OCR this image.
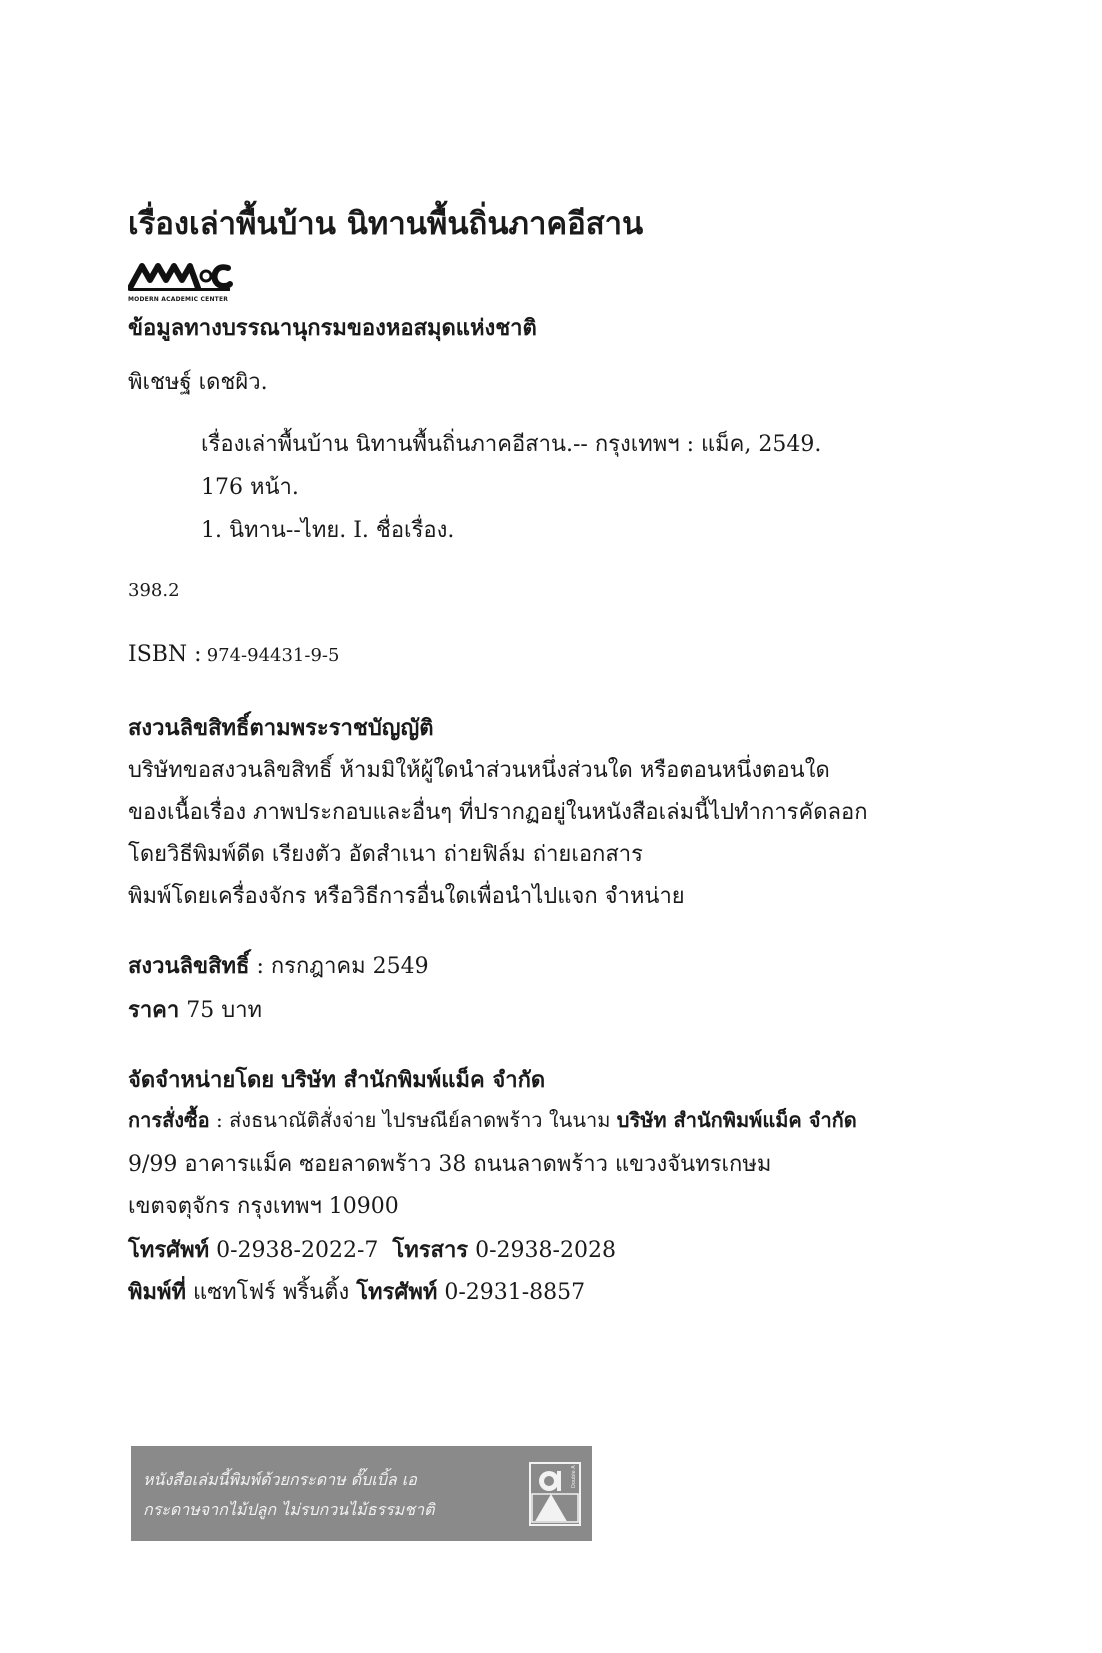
เรื่องเล่าพื้นบ้าน นิทานพื้นถิ่นภาคอีสาน
MODERN ACADEMIC CENTER
ข้อมูลทางบรรณานุกรมของหอสมุดแห่งชาติ
พิเชษฐ์ เดชผิว.
เรื่องเล่าพื้นบ้าน นิทานพื้นถิ่นภาคอีสาน.-- กรุงเทพฯ : แม็ค, 2549.
176 หน้า.
1. นิทาน--ไทย. I. ชื่อเรื่อง.
398.2
ISBN : 974-94431-9-5
สงวนลิขสิทธิ์ตามพระราชบัญญัติ
บริษัทขอสงวนลิขสิทธิ์ ห้ามมิให้ผู้ใดนำส่วนหนึ่งส่วนใด หรือตอนหนึ่งตอนใด
ของเนื้อเรื่อง ภาพประกอบและอื่นๆ ที่ปรากฏอยู่ในหนังสือเล่มนี้ไปทำการคัดลอก
โดยวิธีพิมพ์ดีด เรียงตัว อัดสำเนา ถ่ายฟิล์ม ถ่ายเอกสาร
พิมพ์โดยเครื่องจักร หรือวิธีการอื่นใดเพื่อนำไปแจก จำหน่าย
สงวนลิขสิทธิ์ : กรกฎาคม 2549
ราคา 75 บาท
จัดจำหน่ายโดย บริษัท สำนักพิมพ์แม็ค จำกัด
การสั่งซื้อ : ส่งธนาณัติสั่งจ่าย ไปรษณีย์ลาดพร้าว ในนาม บริษัท สำนักพิมพ์แม็ค จำกัด
9/99 อาคารแม็ค ซอยลาดพร้าว 38 ถนนลาดพร้าว แขวงจันทรเกษม
เขตจตุจักร กรุงเทพฯ 10900
โทรศัพท์ 0-2938-2022-7 โทรสาร 0-2938-2028
พิมพ์ที่ แซทโฟร์ พริ้นติ้ง โทรศัพท์ 0-2931-8857
หนังสือเล่มนี้พิมพ์ด้วยกระดาษ ดั๊บเบิ้ล เอ
กระดาษจากไม้ปลูก ไม่รบกวนไม้ธรรมชาติ
Double A
